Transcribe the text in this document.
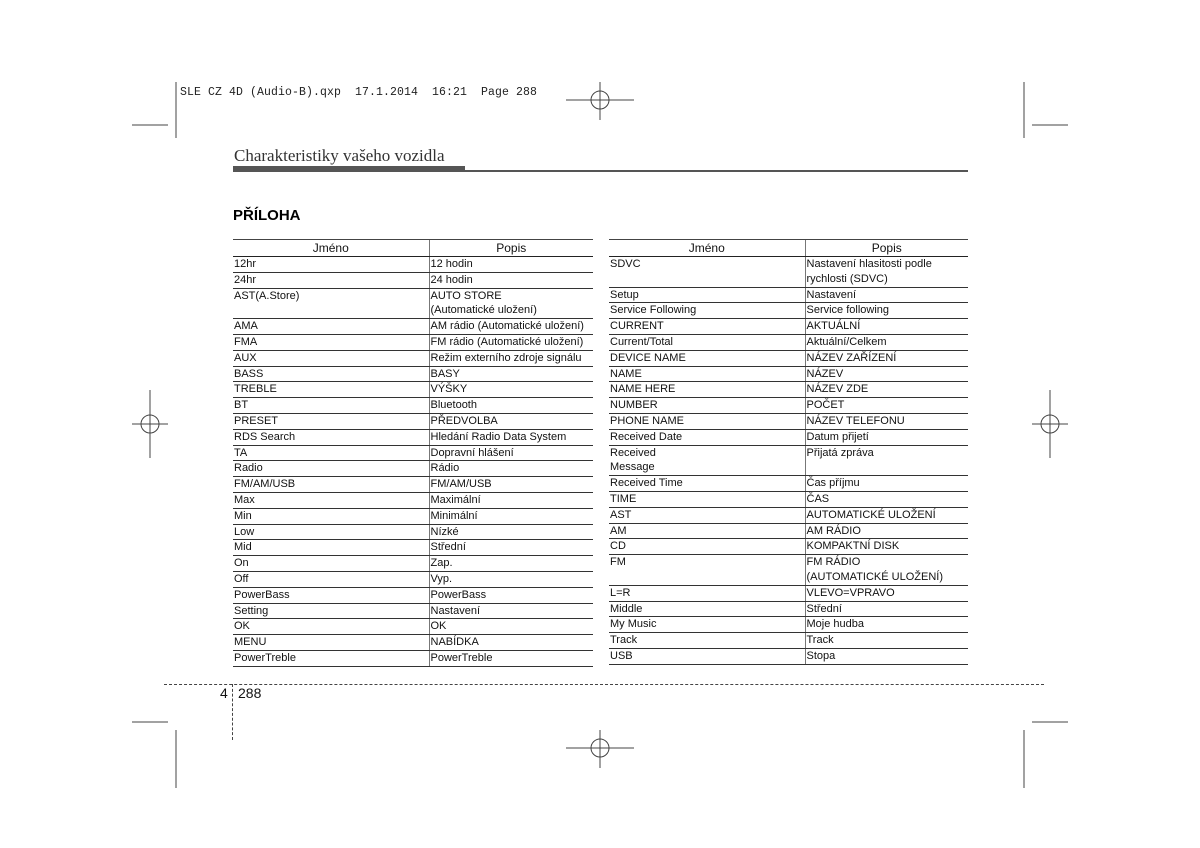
SLE CZ 4D (Audio-B).qxp  17.1.2014  16:21  Page 288
Charakteristiky vašeho vozidla
PŘÍLOHA
Jméno	Popis
12hr	12 hodin
24hr	24 hodin
AST(A.Store)	AUTO STORE
(Automatické uložení)
AMA	AM rádio (Automatické uložení)
FMA	FM rádio (Automatické uložení)
AUX	Režim externího zdroje signálu
BASS	BASY
TREBLE	VÝŠKY
BT	Bluetooth
PRESET	PŘEDVOLBA
RDS Search	Hledání Radio Data System
TA	Dopravní hlášení
Radio	Rádio
FM/AM/USB	FM/AM/USB
Max	Maximální
Min	Minimální
Low	Nízké
Mid	Střední
On	Zap.
Off	Vyp.
PowerBass	PowerBass
Setting	Nastavení
OK	OK
MENU	NABÍDKA
PowerTreble	PowerTreble
Jméno	Popis
SDVC	Nastavení hlasitosti podle
rychlosti (SDVC)
Setup	Nastavení
Service Following	Service following
CURRENT	AKTUÁLNÍ
Current/Total	Aktuální/Celkem
DEVICE NAME	NÁZEV ZAŘÍZENÍ
NAME	NÁZEV
NAME HERE	NÁZEV ZDE
NUMBER	POČET
PHONE NAME	NÁZEV TELEFONU
Received Date	Datum přijetí
Received
Message	Přijatá zpráva
Received Time	Čas příjmu
TIME	ČAS
AST	AUTOMATICKÉ ULOŽENÍ
AM	AM RÁDIO
CD	KOMPAKTNÍ DISK
FM	FM RÁDIO
(AUTOMATICKÉ ULOŽENÍ)
L=R	VLEVO=VPRAVO
Middle	Střední
My Music	Moje hudba
Track	Track
USB	Stopa
4 288
